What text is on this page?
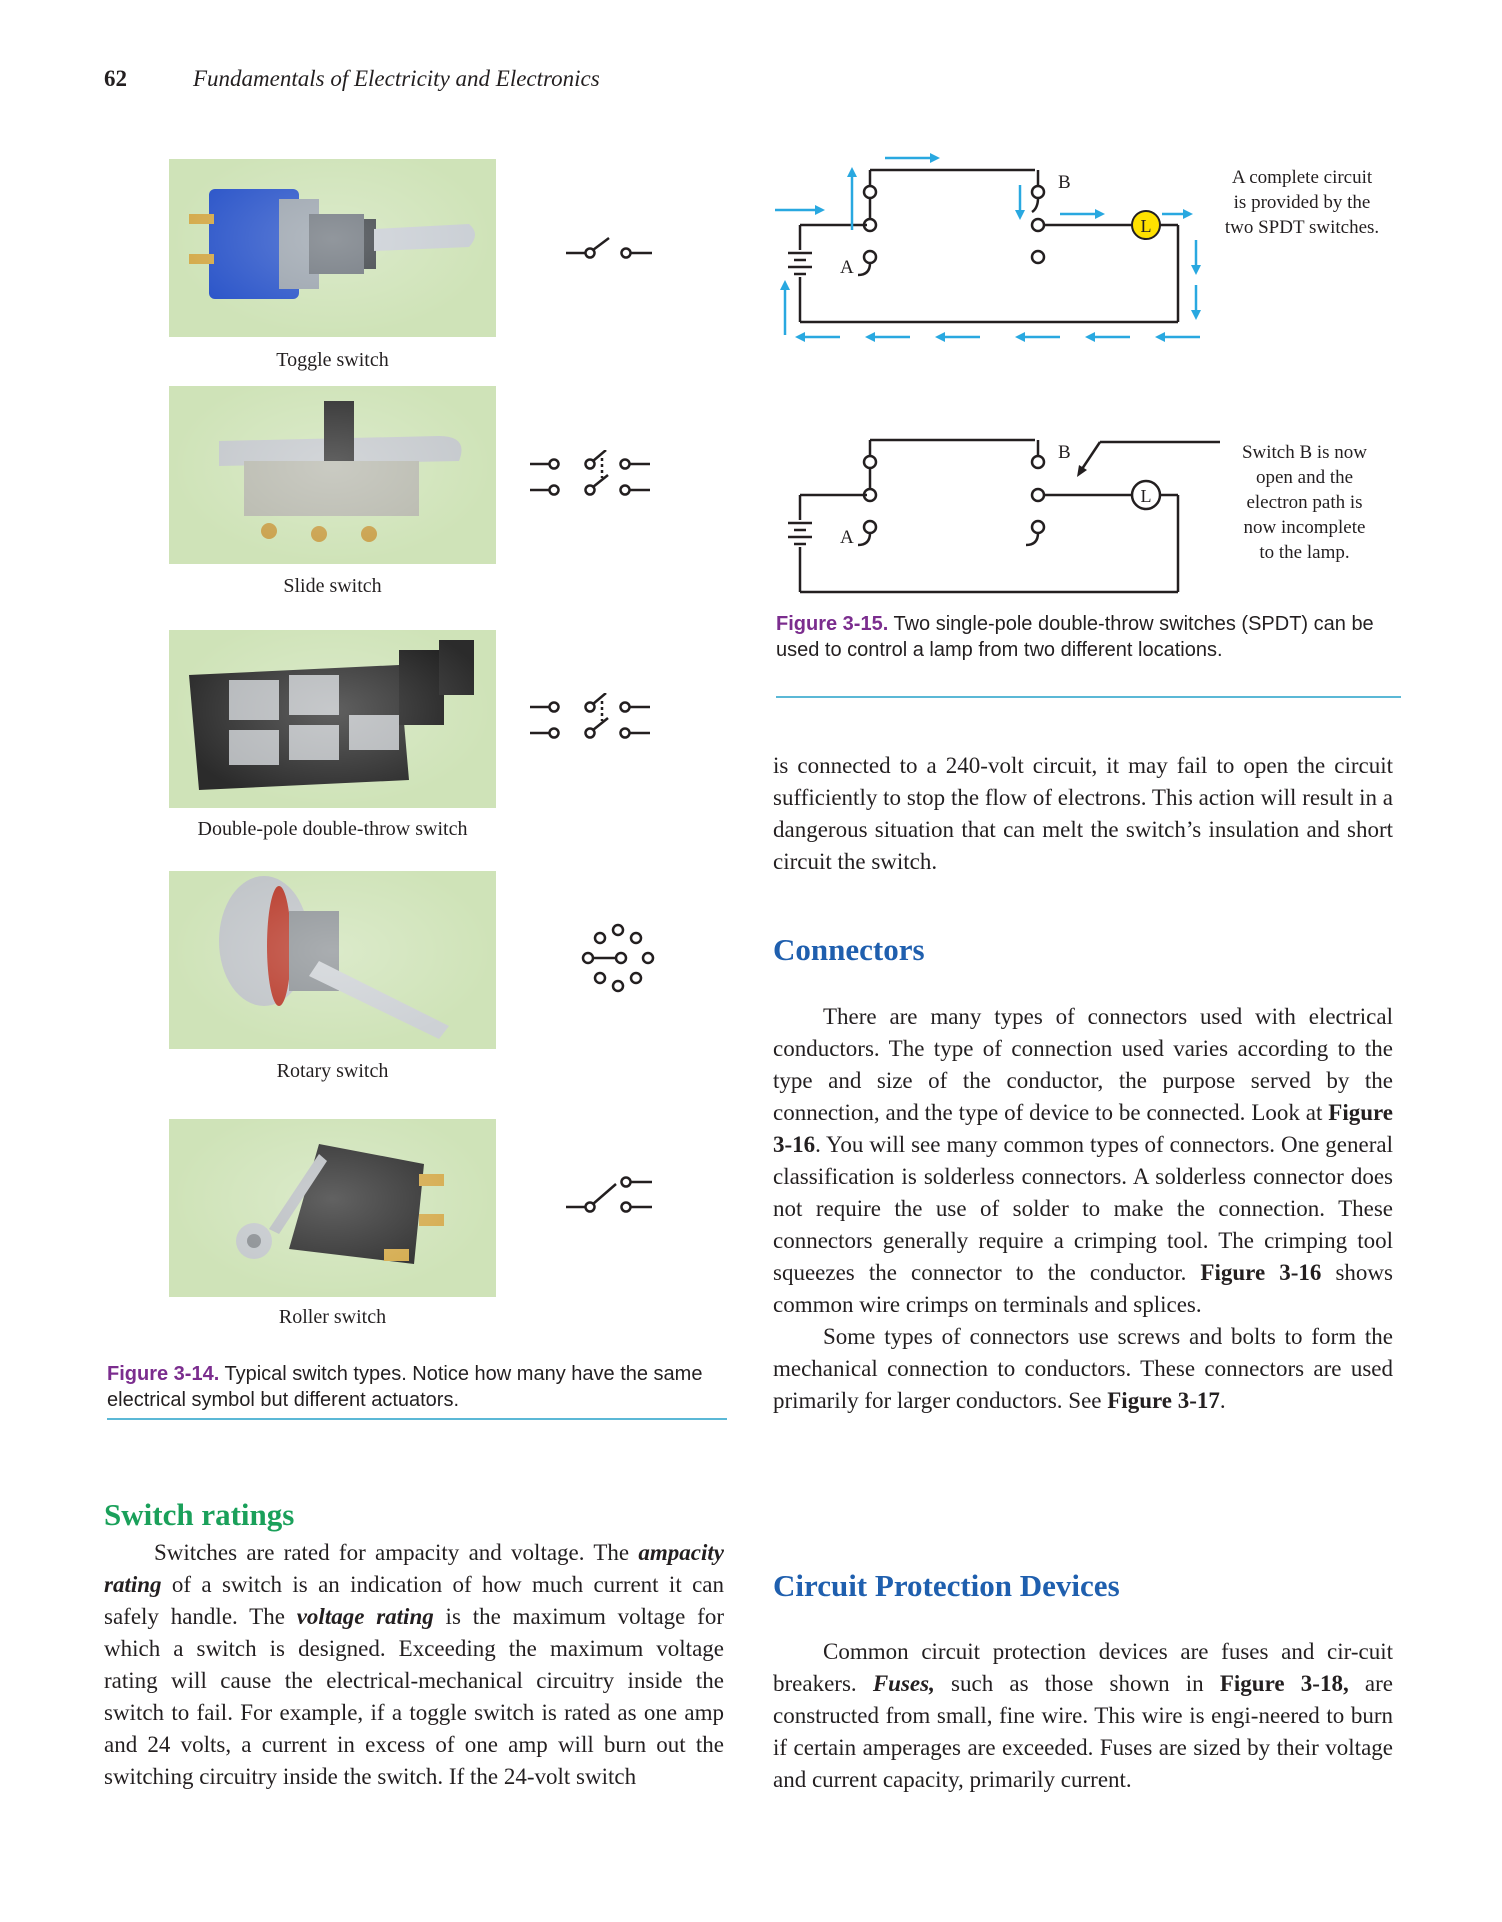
62	Fundamentals of Electricity and Electronics
Toggle switch
Slide switch
Double-pole double-throw switch
Rotary switch
Roller switch
Figure 3-14. Typical switch types. Notice how many have the same electrical symbol but different actuators.
Switch ratings

Switches are rated for ampacity and voltage. The ampacity rating of a switch is an indication of how much current it can safely handle. The voltage rating is the maximum voltage for which a switch is designed. Exceeding the maximum voltage rating will cause the electrical-mechanical circuitry inside the switch to fail. For example, if a toggle switch is rated as one amp and 24 volts, a current in excess of one amp will burn out the switching circuitry inside the switch. If the 24-volt switch

L
B
A
A complete circuit
is provided by the
two SPDT switches.
L
B
A
Switch B is now
open and the
electron path is
now incomplete
to the lamp.
Figure 3-15. Two single-pole double-throw switches (SPDT) can be used to control a lamp from two different locations.

is connected to a 240-volt circuit, it may fail to open the circuit sufficiently to stop the flow of electrons. This action will result in a dangerous situation that can melt the switch’s insulation and short circuit the switch.

Connectors

There are many types of connectors used with electrical conductors. The type of connection used varies according to the type and size of the conductor, the purpose served by the connection, and the type of device to be connected. Look at Figure 3-16. You will see many common types of connectors. One general classification is solderless connectors. A solderless connector does not require the use of solder to make the connection. These connectors generally require a crimping tool. The crimping tool squeezes the connector to the conductor. Figure 3-16 shows common wire crimps on terminals and splices.

Some types of connectors use screws and bolts to form the mechanical connection to conductors. These connectors are used primarily for larger conductors. See Figure 3-17.

Circuit Protection Devices

Common circuit protection devices are fuses and cir-cuit breakers. Fuses, such as those shown in Figure 3-18, are constructed from small, fine wire. This wire is engi-neered to burn if certain amperages are exceeded. Fuses are sized by their voltage and current capacity, primarily current.
